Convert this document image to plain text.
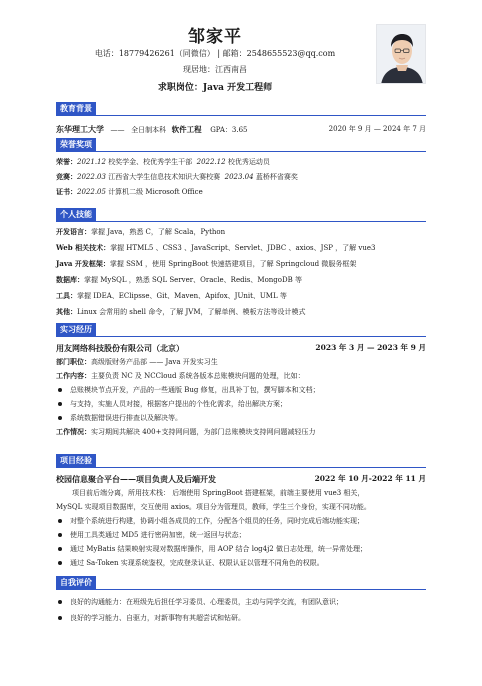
邹家平
电话：18779426261（同微信） | 邮箱：2548655523@qq.com
现居地：江西南昌
求职岗位：Java 开发工程师
教育背景
东华理工大学 —— 全日制本科 软件工程 GPA：3.65	2020 年 9 月 — 2024 年 7 月
荣誉奖项
荣誉：2021.12 校奖学金、校优秀学生干部 2022.12 校优秀运动员
竞赛：2022.03 江西省大学生信息技术知识大赛校赛 2023.04 蓝桥杯省赛奖
证书：2022.05 计算机二级 Microsoft Office
个人技能
开发语言：掌握 Java，熟悉 C，了解 Scala，Python
Web 相关技术：掌握 HTML5 、CSS3 、JavaScript、Servlet、JDBC 、axios、JSP ，了解 vue3
Java 开发框架：掌握 SSM ，使用 SpringBoot 快速搭建项目，了解 Springcloud 微服务框架
数据库：掌握 MySQL ，熟悉 SQL Server、Oracle、Redis、MongoDB 等
工具：掌握 IDEA、EClipsse、Git、Maven、Apifox、JUnit、UML 等
其他：Linux 会常用的 shell 命令，了解 JVM，了解单例、模板方法等设计模式
实习经历
用友网络科技股份有限公司（北京）	2023 年 3 月 — 2023 年 9 月
部门职位：高级版财务产品部 —— Java 开发实习生
工作内容：主要负责 NC 及 NCCloud 系统各版本总账模块问题的处理，比如：
总账模块节点开发，产品的一些通版 Bug 修复，出具补丁包，撰写脚本和文档；
与支持，实施人员对接，根据客户提出的个性化需求，给出解决方案；
系统数据错误进行排查以及解决等。
工作情况：实习期间共解决 400+支持网问题，为部门总账模块支持网问题减轻压力
项目经验
校园信息聚合平台——项目负责人及后端开发	2022 年 10 月-2022 年 11 月
项目前后端分离，所用技术栈： 后端使用 SpringBoot 搭建框架，前端主要使用 vue3 相关，
MySQL 实现项目数据库，交互使用 axios。项目分为管理员，教师，学生三个身份，实现不同功能。
对整个系统进行构建，协调小组各成员的工作，分配各个组员的任务，同时完成后端功能实现；
使用工具类通过 MD5 进行密码加密，统一返回与状态；
通过 MyBatis 结果映射实现对数据库操作，用 AOP 结合 log4j2 做日志处理，统一异常处理；
通过 Sa-Token 实现系统鉴权，完成登录认证、权限认证以管理不同角色的权限。
自我评价
良好的沟通能力：在班级先后担任学习委员、心理委员，主动与同学交流，有团队意识；
良好的学习能力、自驱力，对新事物有其超尝试和钻研。
